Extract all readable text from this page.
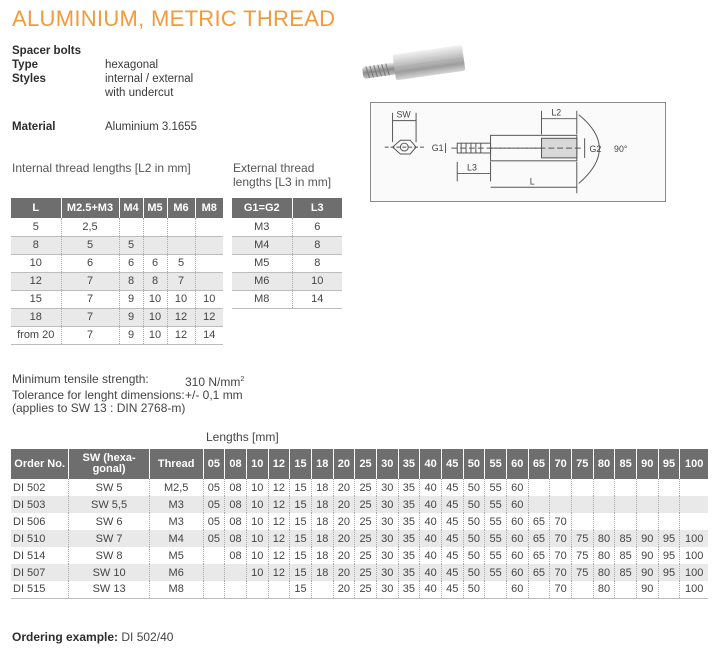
ALUMINIUM, METRIC THREAD
Spacer bolts
Type	hexagonal
Styles	internal / external
with undercut
Material	Aluminium 3.1655
SW
G1	G2
L2
L3
L
90°
Internal thread lengths [L2 in mm]	External thread
lengths [L3 in mm]
L	M2.5+M3	M4	M5	M6	M8
5	2,5				
8	5	5			
10	6	6	6	5	
12	7	8	8	7	
15	7	9	10	10	10
18	7	9	10	12	12
from 20	7	9	10	12	14
G1=G2	L3
M3	6
M4	8
M5	8
M6	10
M8	14
Minimum tensile strength:	310 $N/mm^2$
Tolerance for lenght dimensions: +/- 0,1 mm
(applies to SW 13 : DIN 2768-m)
Lengths [mm]
Order No.	SW (hexa-gonal)	Thread	05	08	10	12	15	18	20	25	30	35	40	45	50	55	60	65	70	75	80	85	90	95	100
DI 502	SW 5	M2,5	05	08	10	12	15	18	20	25	30	35	40	45	50	55	60								
DI 503	SW 5,5	M3	05	08	10	12	15	18	20	25	30	35	40	45	50	55	60								
DI 506	SW 6	M3	05	08	10	12	15	18	20	25	30	35	40	45	50	55	60	65	70						
DI 510	SW 7	M4	05	08	10	12	15	18	20	25	30	35	40	45	50	55	60	65	70	75	80	85	90	95	100
DI 514	SW 8	M5		08	10	12	15	18	20	25	30	35	40	45	50	55	60	65	70	75	80	85	90	95	100
DI 507	SW 10	M6			10	12	15	18	20	25	30	35	40	45	50	55	60	65	70	75	80	85	90	95	100
DI 515	SW 13	M8					15		20	25	30	35	40	45	50		60		70		80		90		100
Ordering example: DI 502/40
